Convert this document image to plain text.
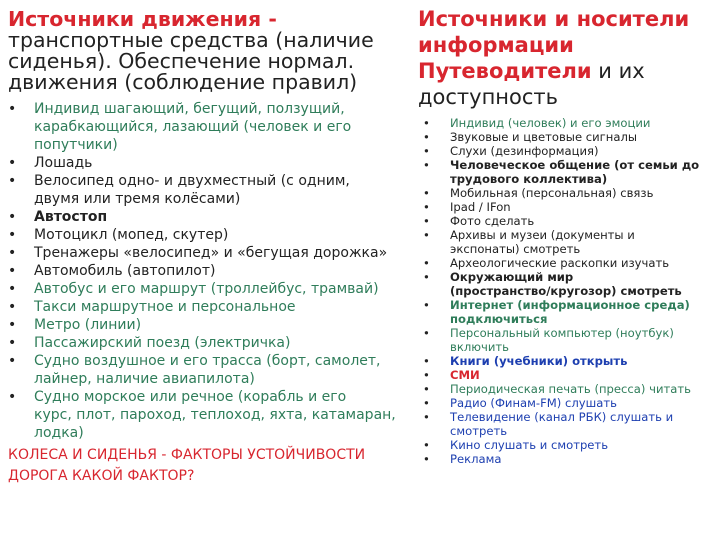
Источники движения -
транспортные средства (наличие
сиденья). Обеспечение нормал.
движения (соблюдение правил)
• Индивид шагающий, бегущий, ползущий,
карабкающийся, лазающий (человек и его
попутчики)
• Лошадь
• Велосипед одно- и двухместный (с одним,
двумя или тремя колёсами)
• Автостоп
• Мотоцикл (мопед, скутер)
• Тренажеры «велосипед» и «бегущая дорожка»
• Автомобиль (автопилот)
• Автобус и его маршрут (троллейбус, трамвай)
• Такси маршрутное и персональное
• Метро (линии)
• Пассажирский поезд (электричка)
• Судно воздушное и его трасса (борт, самолет,
лайнер, наличие авиапилота)
• Судно морское или речное (корабль и его
курс, плот, пароход, теплоход, яхта, катамаран,
лодка)
КОЛЕСА И СИДЕНЬЯ - ФАКТОРЫ УСТОЙЧИВОСТИ
ДОРОГА КАКОЙ ФАКТОР?
Источники и носители
информации
Путеводители и их
доступность
• Индивид (человек) и его эмоции
• Звуковые и цветовые сигналы
• Слухи (дезинформация)
• Человеческое общение (от семьи до
трудового коллектива)
• Мобильная (персональная) связь
• Ipad / IFon
• Фото сделать
• Архивы и музеи (документы и
экспонаты) смотреть
• Археологические раскопки изучать
• Окружающий мир
(пространство/кругозор) смотреть
• Интернет (информационное среда)
подключиться
• Персональный компьютер (ноутбук)
включить
• Книги (учебники) открыть
• СМИ
• Периодическая печать (пресса) читать
• Радио (Финам-FM) слушать
• Телевидение (канал РБК) слушать и
смотреть
• Кино слушать и смотреть
• Реклама
